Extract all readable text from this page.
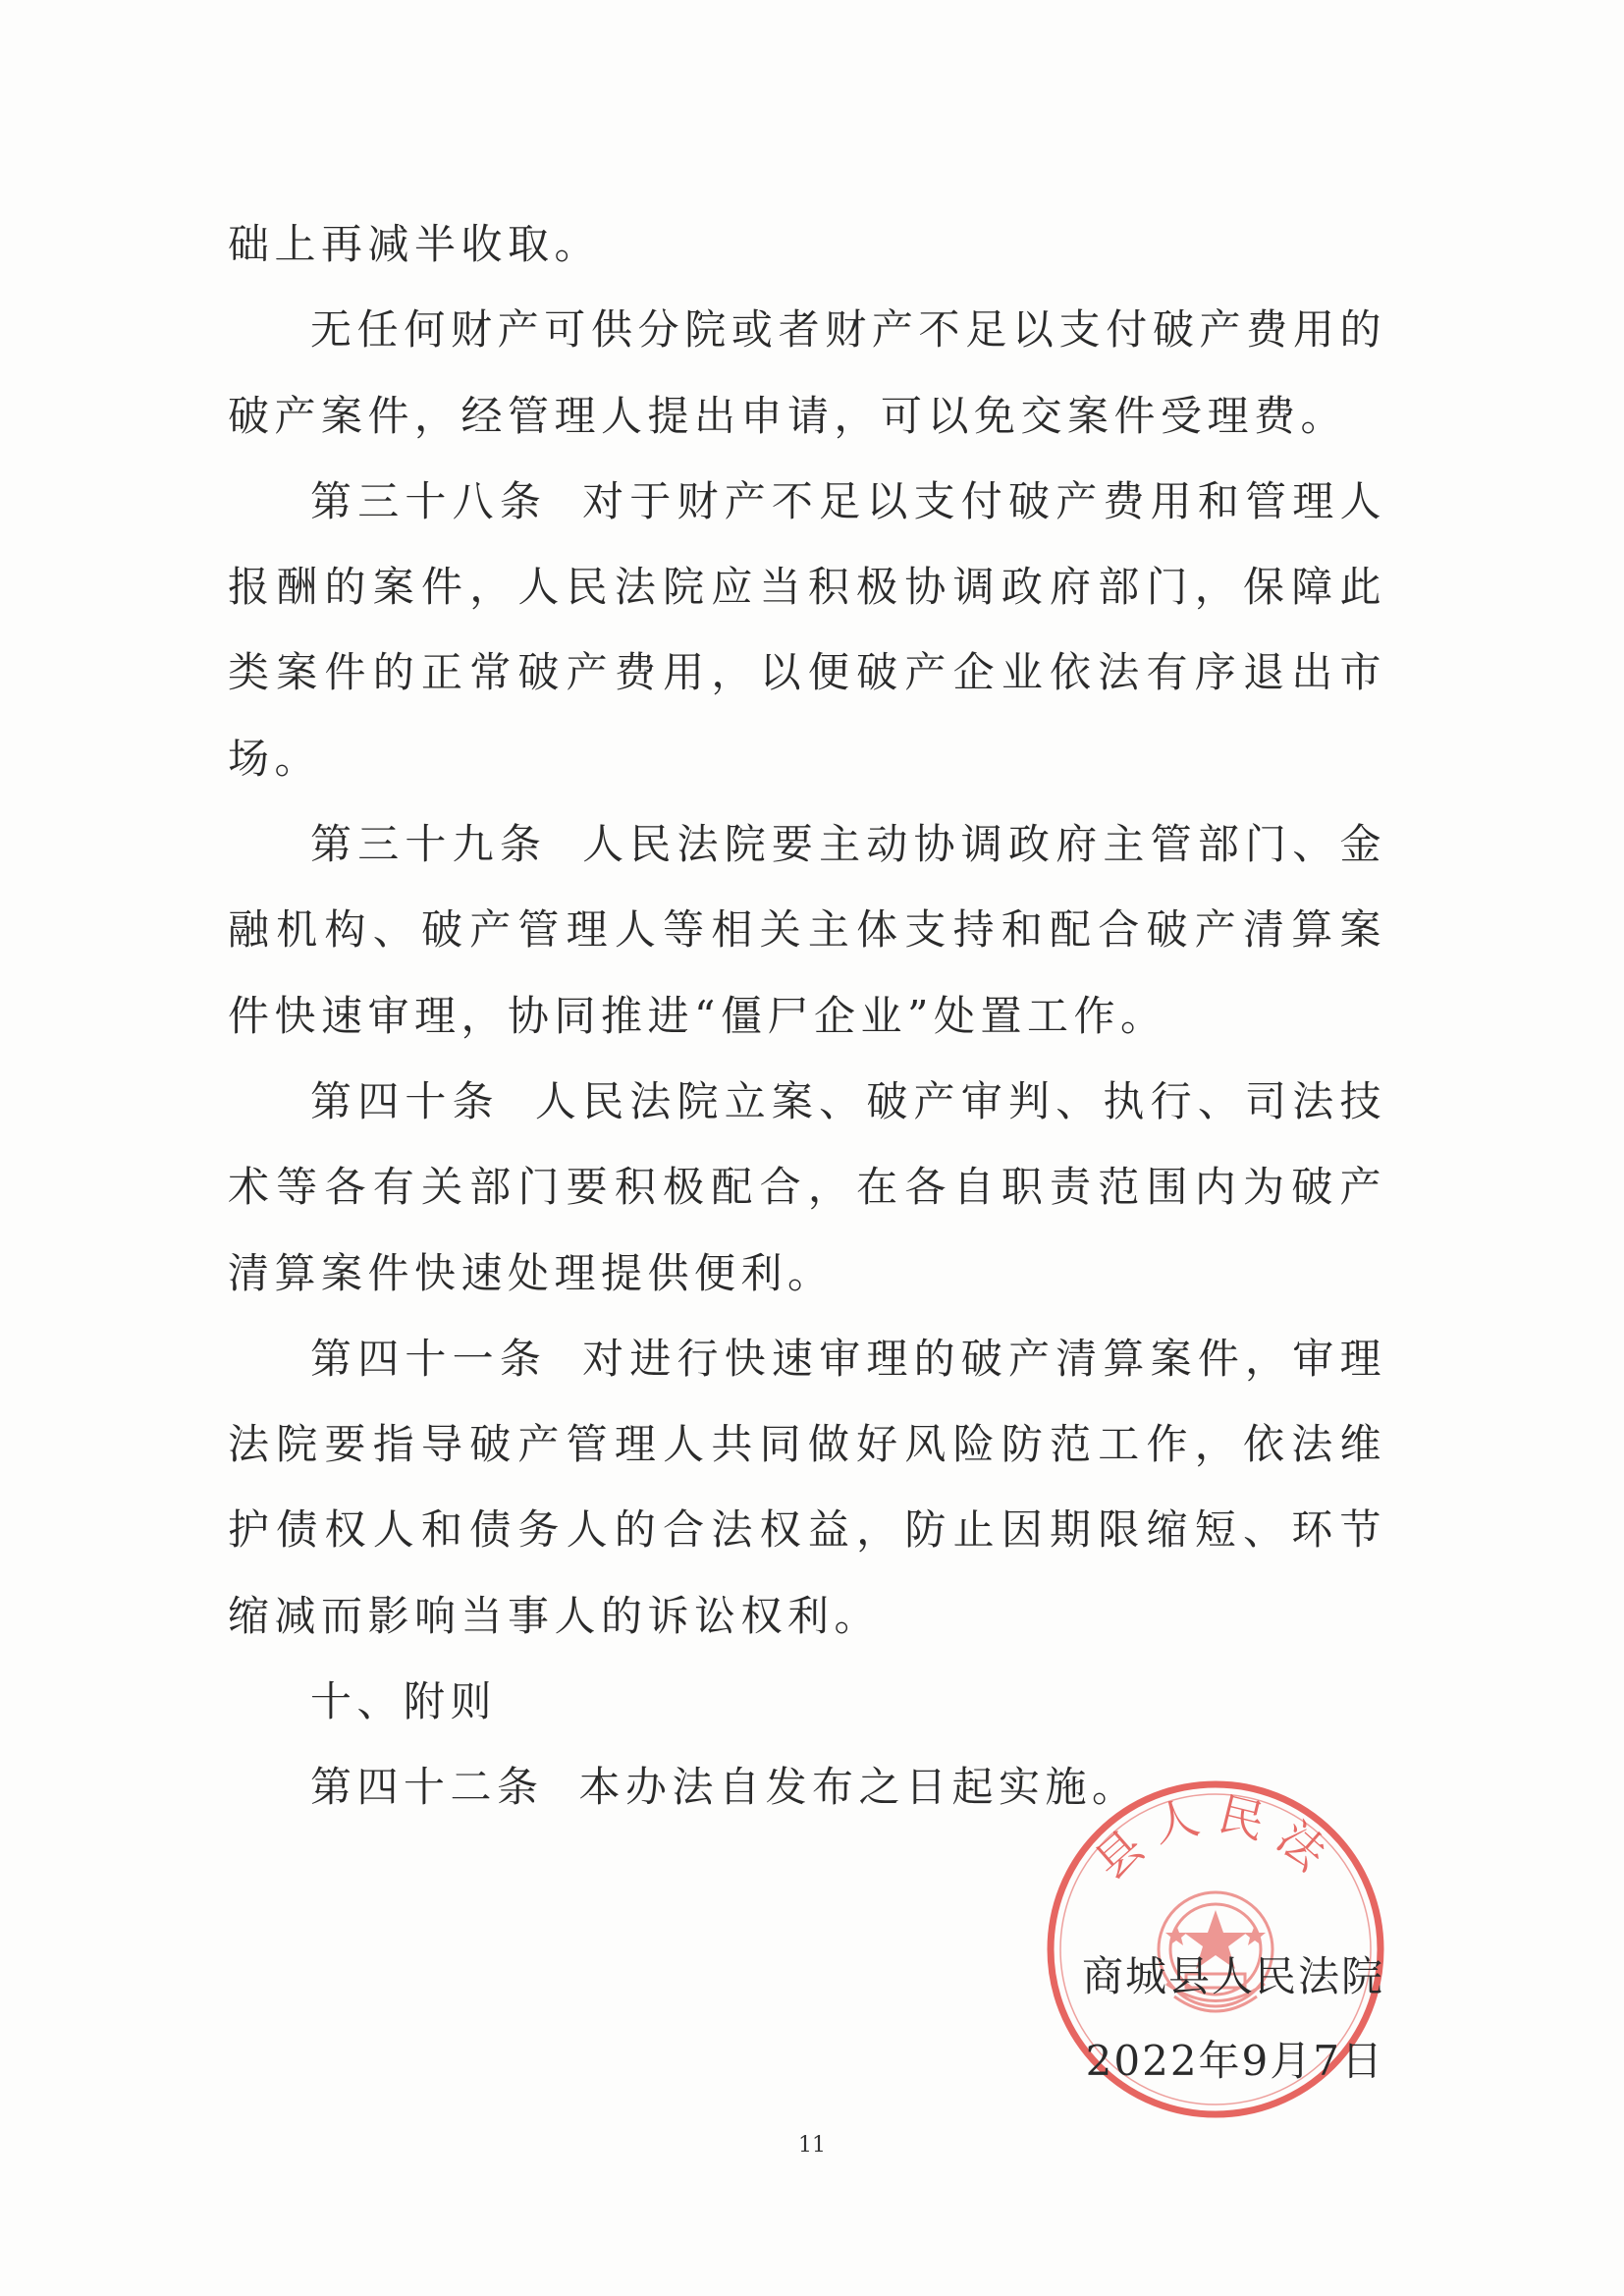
础上再减半收取。

无任何财产可供分院或者财产不足以支付破产费用的破产案件，经管理人提出申请，可以免交案件受理费。

第三十八条 对于财产不足以支付破产费用和管理人报酬的案件，人民法院应当积极协调政府部门，保障此类案件的正常破产费用，以便破产企业依法有序退出市场。

第三十九条 人民法院要主动协调政府主管部门、金融机构、破产管理人等相关主体支持和配合破产清算案件快速审理，协同推进“僵尸企业”处置工作。

第四十条 人民法院立案、破产审判、执行、司法技术等各有关部门要积极配合，在各自职责范围内为破产清算案件快速处理提供便利。

第四十一条 对进行快速审理的破产清算案件，审理法院要指导破产管理人共同做好风险防范工作，依法维护债权人和债务人的合法权益，防止因期限缩短、环节缩减而影响当事人的诉讼权利。

十、附则

第四十二条 本办法自发布之日起实施。

县人民法
商城县人民法院
2022年9月7日
11
